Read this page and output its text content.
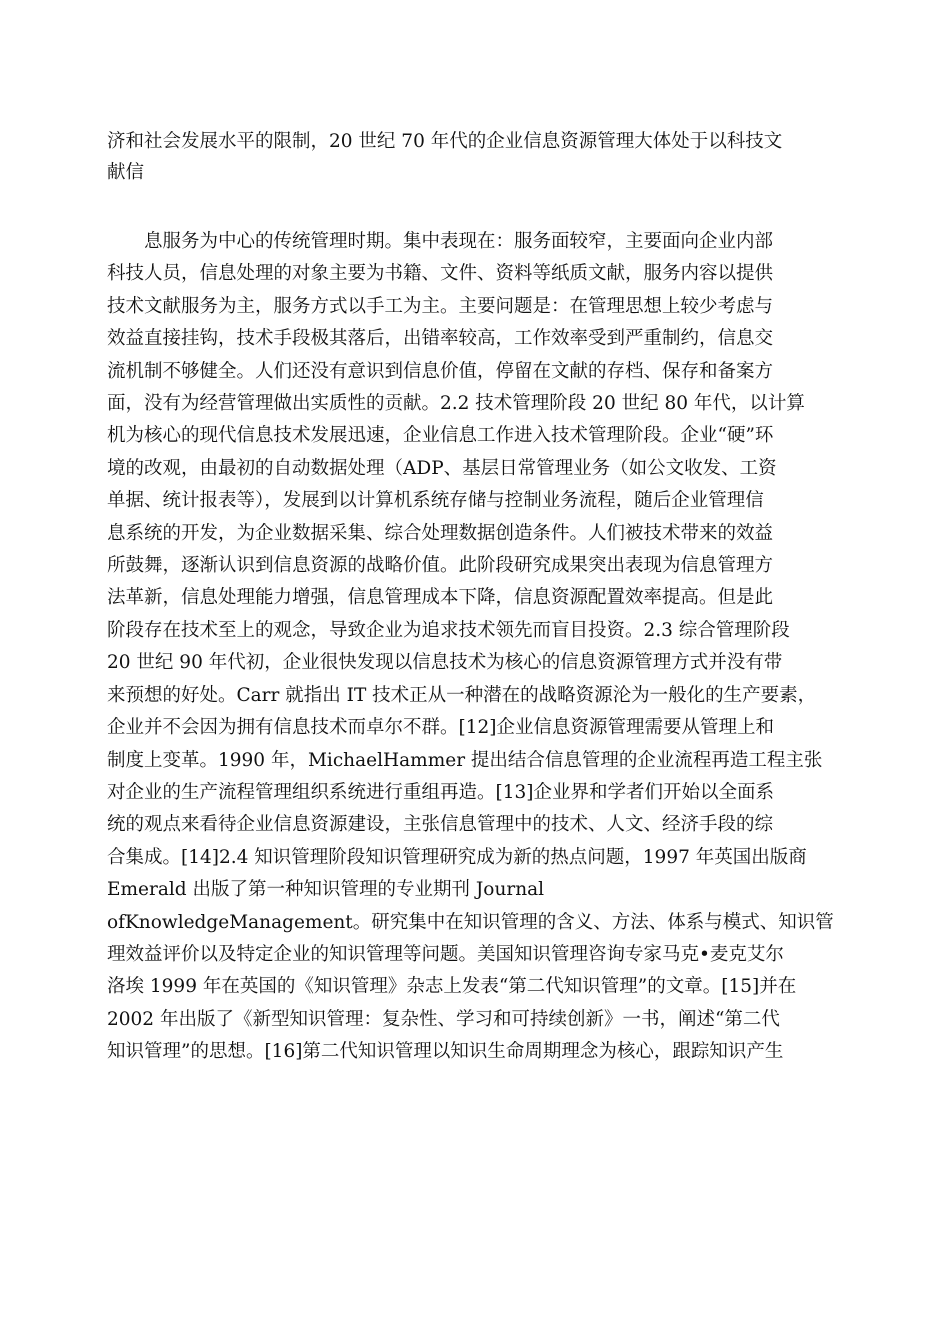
济和社会发展水平的限制，20 世纪 70 年代的企业信息资源管理大体处于以科技文
献信
息服务为中心的传统管理时期。集中表现在：服务面较窄，主要面向企业内部
科技人员，信息处理的对象主要为书籍、文件、资料等纸质文献，服务内容以提供
技术文献服务为主，服务方式以手工为主。主要问题是：在管理思想上较少考虑与
效益直接挂钩，技术手段极其落后，出错率较高，工作效率受到严重制约，信息交
流机制不够健全。人们还没有意识到信息价值，停留在文献的存档、保存和备案方
面，没有为经营管理做出实质性的贡献。2.2 技术管理阶段 20 世纪 80 年代，以计算
机为核心的现代信息技术发展迅速，企业信息工作进入技术管理阶段。企业“硬”环
境的改观，由最初的自动数据处理（ADP、基层日常管理业务（如公文收发、工资
单据、统计报表等），发展到以计算机系统存储与控制业务流程，随后企业管理信
息系统的开发，为企业数据采集、综合处理数据创造条件。人们被技术带来的效益
所鼓舞，逐渐认识到信息资源的战略价值。此阶段研究成果突出表现为信息管理方
法革新，信息处理能力增强，信息管理成本下降，信息资源配置效率提高。但是此
阶段存在技术至上的观念，导致企业为追求技术领先而盲目投资。2.3 综合管理阶段
20 世纪 90 年代初，企业很快发现以信息技术为核心的信息资源管理方式并没有带
来预想的好处。Carr 就指出 IT 技术正从一种潜在的战略资源沦为一般化的生产要素，
企业并不会因为拥有信息技术而卓尔不群。[12]企业信息资源管理需要从管理上和
制度上变革。1990 年，MichaelHammer 提出结合信息管理的企业流程再造工程主张
对企业的生产流程管理组织系统进行重组再造。[13]企业界和学者们开始以全面系
统的观点来看待企业信息资源建设，主张信息管理中的技术、人文、经济手段的综
合集成。[14]2.4 知识管理阶段知识管理研究成为新的热点问题，1997 年英国出版商
Emerald 出版了第一种知识管理的专业期刊 Journal
ofKnowledgeManagement。研究集中在知识管理的含义、方法、体系与模式、知识管
理效益评价以及特定企业的知识管理等问题。美国知识管理咨询专家马克•麦克艾尔
洛埃 1999 年在英国的《知识管理》杂志上发表“第二代知识管理”的文章。[15]并在
2002 年出版了《新型知识管理：复杂性、学习和可持续创新》一书，阐述“第二代
知识管理”的思想。[16]第二代知识管理以知识生命周期理念为核心，跟踪知识产生
